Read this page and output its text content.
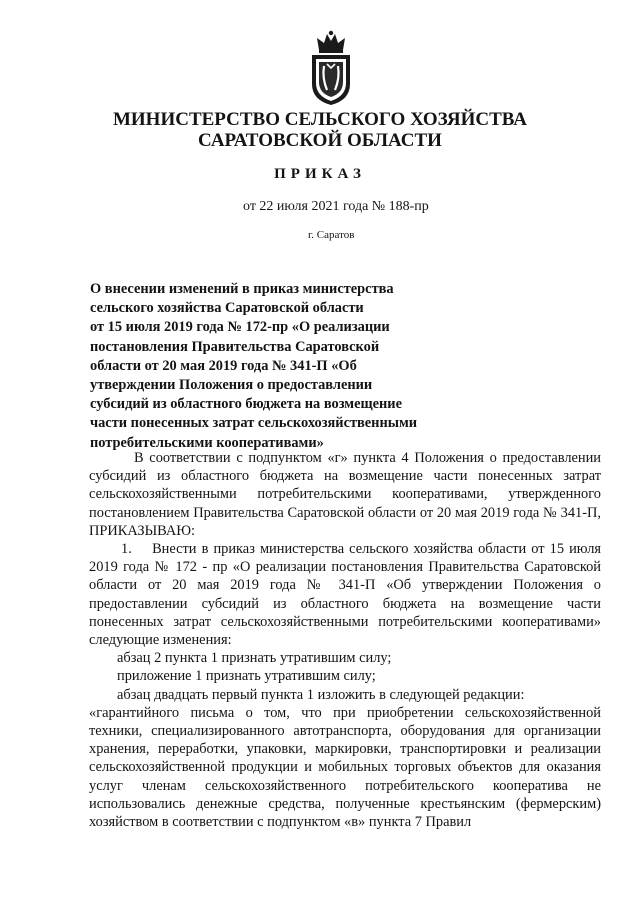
МИНИСТЕРСТВО СЕЛЬСКОГО ХОЗЯЙСТВА
САРАТОВСКОЙ ОБЛАСТИ
ПРИКАЗ
от 22 июля 2021 года № 188-пр
г. Саратов
О внесении изменений в приказ министерства
сельского хозяйства Саратовской области
от 15 июля 2019 года № 172-пр «О реализации
постановления Правительства Саратовской
области от 20 мая 2019 года № 341-П «Об
утверждении Положения о предоставлении
субсидий из областного бюджета на возмещение
части понесенных затрат сельскохозяйственными
потребительскими кооперативами»

В соответствии с подпунктом «г» пункта 4 Положения о предоставлении субсидий из областного бюджета на возмещение части понесенных затрат сельскохозяйственными потребительскими кооперативами, утвержденного постановлением Правительства Саратовской области от 20 мая 2019 года № 341-П, ПРИКАЗЫВАЮ:

1.    Внести в приказ министерства сельского хозяйства области от 15 июля 2019 года № 172 - пр «О реализации постановления Правительства Саратовской области от 20 мая 2019 года № 341-П «Об утверждении Положения о предоставлении субсидий из областного бюджета на возмещение части понесенных затрат сельскохозяйственными потребительскими кооперативами» следующие изменения:

абзац 2 пункта 1 признать утратившим силу;

приложение 1 признать утратившим силу;

абзац двадцать первый пункта 1 изложить в следующей редакции:

«гарантийного письма о том, что при приобретении сельскохозяйственной техники, специализированного автотранспорта, оборудования для организации хранения, переработки, упаковки, маркировки, транспортировки и реализации сельскохозяйственной продукции и мобильных торговых объектов для оказания услуг членам сельскохозяйственного потребительского кооператива не использовались денежные средства, полученные крестьянским (фермерским) хозяйством в соответствии с подпунктом «в» пункта 7 Правил
